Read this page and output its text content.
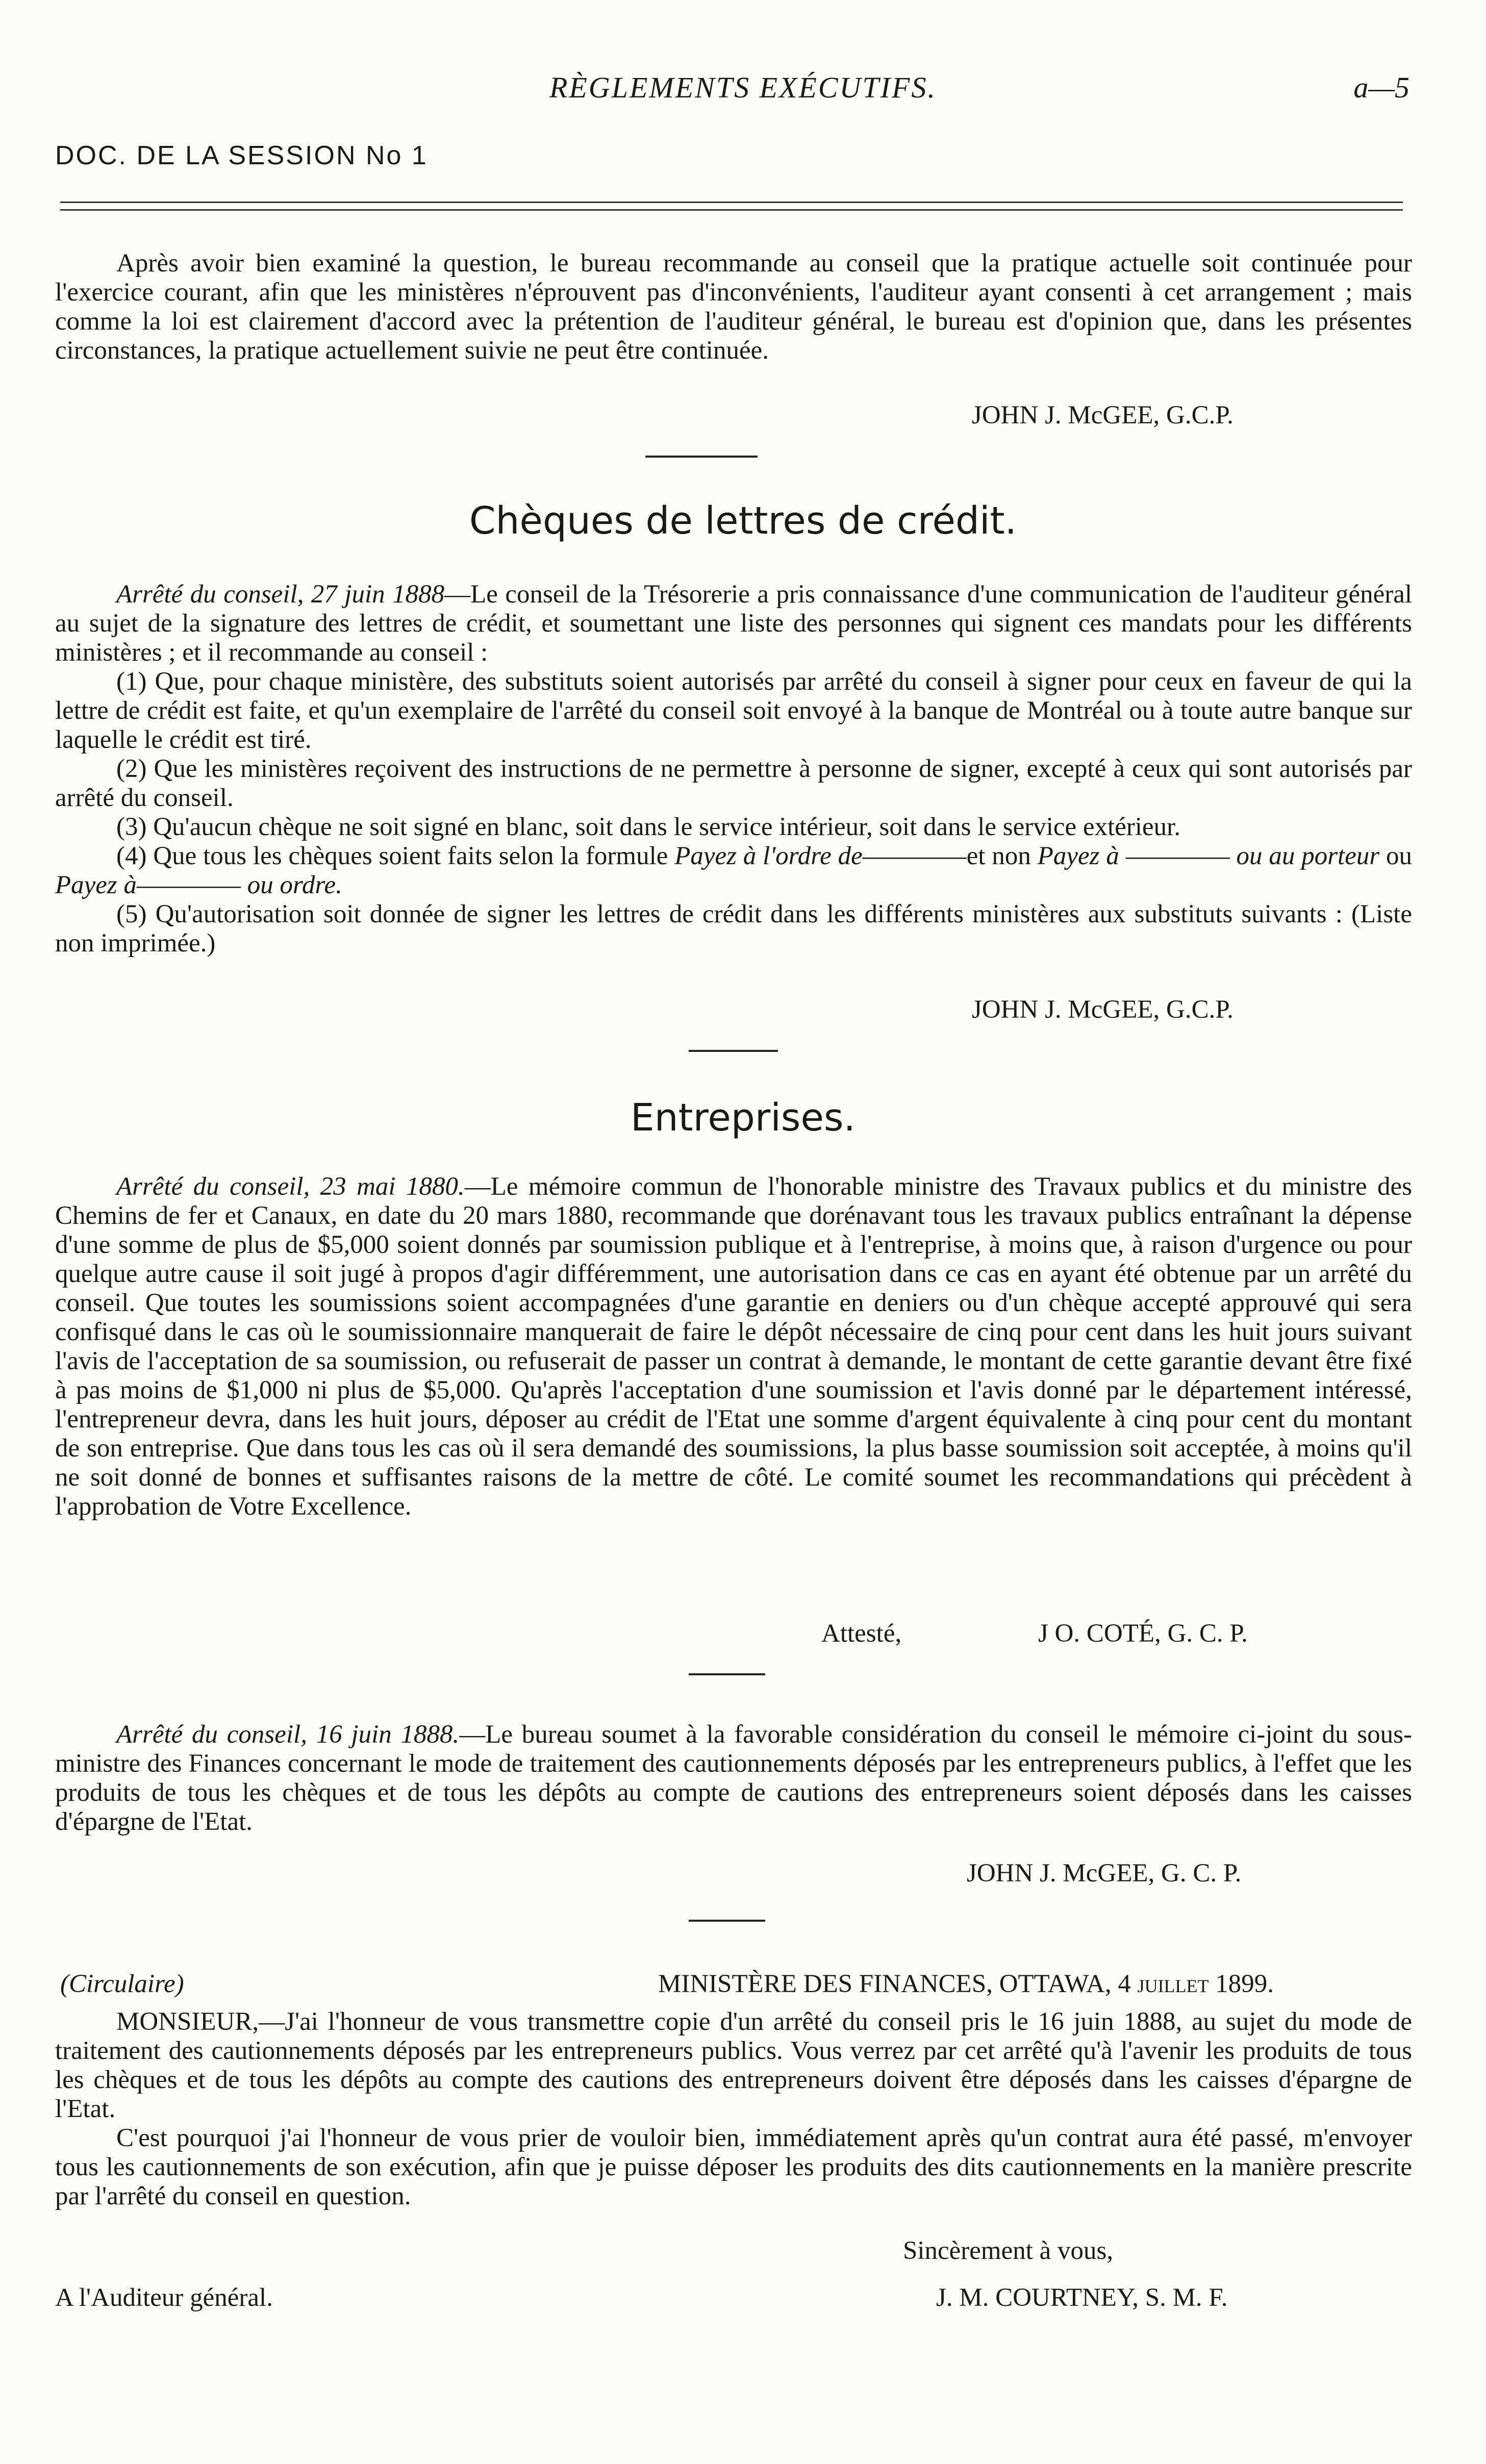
RÈGLEMENTS EXÉCUTIFS.	a—5
DOC. DE LA SESSION No 1

Après avoir bien examiné la question, le bureau recommande au conseil que la pratique actuelle soit continuée pour l'exercice courant, afin que les ministères n'éprouvent pas d'inconvénients, l'auditeur ayant consenti à cet arrangement ; mais comme la loi est clairement d'accord avec la prétention de l'auditeur général, le bureau est d'opinion que, dans les présentes circonstances, la pratique actuellement suivie ne peut être continuée.

JOHN J. McGEE, G.C.P.
Chèques de lettres de crédit.

Arrêté du conseil, 27 juin 1888—Le conseil de la Trésorerie a pris connaissance d'une communication de l'auditeur général au sujet de la signature des lettres de crédit, et soumettant une liste des personnes qui signent ces mandats pour les différents ministères ; et il recommande au conseil :

(1) Que, pour chaque ministère, des substituts soient autorisés par arrêté du conseil à signer pour ceux en faveur de qui la lettre de crédit est faite, et qu'un exemplaire de l'arrêté du conseil soit envoyé à la banque de Montréal ou à toute autre banque sur laquelle le crédit est tiré.

(2) Que les ministères reçoivent des instructions de ne permettre à personne de signer, excepté à ceux qui sont autorisés par arrêté du conseil.

(3) Qu'aucun chèque ne soit signé en blanc, soit dans le service intérieur, soit dans le service extérieur.

(4) Que tous les chèques soient faits selon la formule Payez à l'ordre de————et non Payez à ———— ou au porteur ou Payez à———— ou ordre.

(5) Qu'autorisation soit donnée de signer les lettres de crédit dans les différents ministères aux substituts suivants : (Liste non imprimée.)

JOHN J. McGEE, G.C.P.
Entreprises.

Arrêté du conseil, 23 mai 1880.—Le mémoire commun de l'honorable ministre des Travaux publics et du ministre des Chemins de fer et Canaux, en date du 20 mars 1880, recommande que dorénavant tous les travaux publics entraînant la dépense d'une somme de plus de $5,000 soient donnés par soumission publique et à l'entreprise, à moins que, à raison d'urgence ou pour quelque autre cause il soit jugé à propos d'agir différemment, une autorisation dans ce cas en ayant été obtenue par un arrêté du conseil. Que toutes les soumissions soient accompagnées d'une garantie en deniers ou d'un chèque accepté approuvé qui sera confisqué dans le cas où le soumissionnaire manquerait de faire le dépôt nécessaire de cinq pour cent dans les huit jours suivant l'avis de l'acceptation de sa soumission, ou refuserait de passer un contrat à demande, le montant de cette garantie devant être fixé à pas moins de $1,000 ni plus de $5,000. Qu'après l'acceptation d'une soumission et l'avis donné par le département intéressé, l'entrepreneur devra, dans les huit jours, déposer au crédit de l'Etat une somme d'argent équivalente à cinq pour cent du montant de son entreprise. Que dans tous les cas où il sera demandé des soumissions, la plus basse soumission soit acceptée, à moins qu'il ne soit donné de bonnes et suffisantes raisons de la mettre de côté. Le comité soumet les recommandations qui précèdent à l'approbation de Votre Excellence.

Attesté,	J O. COTÉ, G. C. P.

Arrêté du conseil, 16 juin 1888.—Le bureau soumet à la favorable considération du conseil le mémoire ci-joint du sous-ministre des Finances concernant le mode de traitement des cautionnements déposés par les entrepreneurs publics, à l'effet que les produits de tous les chèques et de tous les dépôts au compte de cautions des entrepreneurs soient déposés dans les caisses d'épargne de l'Etat.

JOHN J. McGEE, G. C. P.
(Circulaire)	MINISTÈRE DES FINANCES, OTTAWA, 4 juillet 1899.

MONSIEUR,—J'ai l'honneur de vous transmettre copie d'un arrêté du conseil pris le 16 juin 1888, au sujet du mode de traitement des cautionnements déposés par les entrepreneurs publics. Vous verrez par cet arrêté qu'à l'avenir les produits de tous les chèques et de tous les dépôts au compte des cautions des entrepreneurs doivent être déposés dans les caisses d'épargne de l'Etat.

C'est pourquoi j'ai l'honneur de vous prier de vouloir bien, immédiatement après qu'un contrat aura été passé, m'envoyer tous les cautionnements de son exécution, afin que je puisse déposer les produits des dits cautionnements en la manière prescrite par l'arrêté du conseil en question.

Sincèrement à vous,
A l'Auditeur général.	J. M. COURTNEY, S. M. F.
